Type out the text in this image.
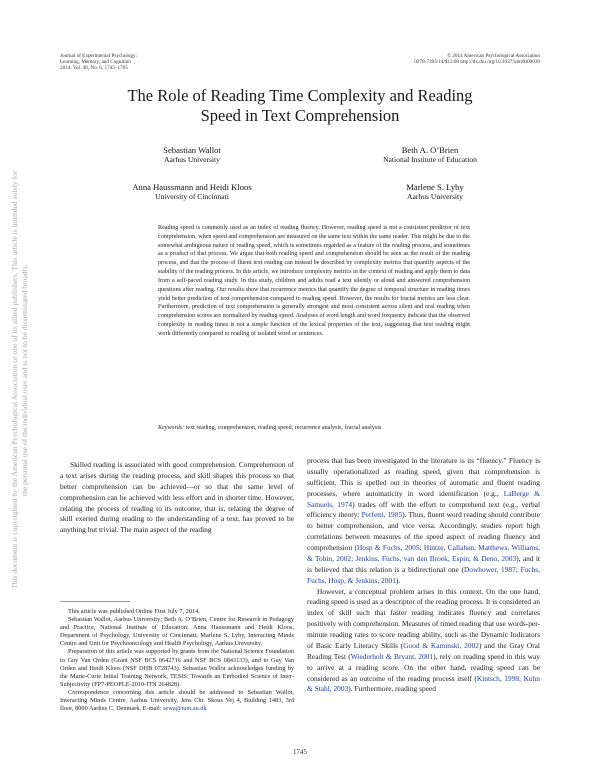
This document is copyrighted by the American Psychological Association or one of its allied publishers. This article is intended solely for the personal use of the individual user and is not to be disseminated broadly.
Journal of Experimental Psychology:
Learning, Memory, and Cognition
2014, Vol. 40, No. 6, 1745–1765
© 2014 American Psychological Association
0278-7393/14/$12.00 http://dx.doi.org/10.1037/xlm0000030
The Role of Reading Time Complexity and Reading
Speed in Text Comprehension
Sebastian Wallot
Aarhus University
Beth A. O’Brien
National Institute of Education
Anna Haussmann and Heidi Kloos
University of Cincinnati
Marlene S. Lyby
Aarhus University
Reading speed is commonly used as an index of reading fluency. However, reading speed is not a consistent predictor of text comprehension, when speed and comprehension are measured on the same text within the same reader. This might be due to the somewhat ambiguous nature of reading speed, which is sometimes regarded as a feature of the reading process, and sometimes as a product of that process. We argue that both reading speed and comprehension should be seen as the result of the reading process, and that the process of fluent text reading can instead be described by complexity metrics that quantify aspects of the stability of the reading process. In this article, we introduce complexity metrics in the context of reading and apply them to data from a self-paced reading study. In this study, children and adults read a text silently or aloud and answered comprehension questions after reading. Our results show that recurrence metrics that quantify the degree of temporal structure in reading times yield better prediction of text comprehension compared to reading speed. However, the results for fractal metrics are less clear. Furthermore, prediction of text comprehension is generally strongest and most consistent across silent and oral reading when comprehension scores are normalized by reading speed. Analyses of word length and word frequency indicate that the observed complexity in reading times is not a simple function of the lexical properties of the text, suggesting that text reading might work differently compared to reading of isolated word or sentences.
Keywords: text reading, comprehension, reading speed, recurrence analysis, fractal analysis

Skilled reading is associated with good comprehension. Comprehension of a text arises during the reading process, and skill shapes this process so that better comprehension can be achieved—or so that the same level of comprehension can be achieved with less effort and in shorter time. However, relating the process of reading to its outcome, that is, relating the degree of skill exerted during reading to the understanding of a text, has proved to be anything but trivial. The main aspect of the reading

This article was published Online First July 7, 2014.

Sebastian Wallot, Aarhus University; Beth A. O’Brien, Centre for Research in Pedagogy and Practice, National Institute of Education; Anna Haussmann and Heidi Kloos, Department of Psychology, University of Cincinnati; Marlene S. Lyby, Interacting Minds Centre and Unit for Psychooncology and Health Psychology, Aarhus University.

Preparation of this article was supported by grants from the National Science Foundation to Guy Van Orden (Grant NSF BCS 0642716 and NSF BCS 0843133), and to Guy Van Orden and Heidi Kloos (NSF DHB 0728743). Sebastian Wallot acknowledges funding by the Marie-Curie Initial Training Network, TESIS: Towards an Embodied Science of Inter-Subjectivity (FP7-PEOPLE-2010-ITN 264828).

Correspondence concerning this article should be addressed to Sebastian Wallot, Interacting Minds Centre, Aarhus University, Jens Chr. Skous Vej 4, Building 1483, 3rd floor, 8000 Aarhus C, Denmark. E-mail: sewa@tum.au.dk

process that has been investigated in the literature is its “fluency.” Fluency is usually operationalized as reading speed, given that comprehension is sufficient. This is spelled out in theories of automatic and fluent reading processes, where automaticity in word identification (e.g., LaBerge & Samuels, 1974) trades off with the effort to comprehend text (e.g., verbal efficiency theory; Perfetti, 1985). Thus, fluent word reading should contribute to better comprehension, and vice versa. Accordingly, studies report high correlations between measures of the speed aspect of reading fluency and comprehension (Hosp & Fuchs, 2005; Hintze, Callahan, Matthews, Williams, & Tobin, 2002; Jenkins, Fuchs, van den Broek, Espin, & Deno, 2003), and it is believed that this relation is a bidirectional one (Dowhower, 1987; Fuchs, Fuchs, Hosp, & Jenkins, 2001).

However, a conceptual problem arises in this context. On the one hand, reading speed is used as a descriptor of the reading process. It is considered an index of skill such that faster reading indicates fluency and correlates positively with comprehension. Measures of timed reading that use words-per-minute reading rates to score reading ability, such as the Dynamic Indicators of Basic Early Literacy Skills (Good & Kaminski, 2002) and the Gray Oral Reading Test (Wiederholt & Bryant, 2001), rely on reading speed in this way to arrive at a reading score. On the other hand, reading speed can be considered as an outcome of the reading process itself (Kintsch, 1998; Kuhn & Stahl, 2003). Furthermore, reading speed

1745
